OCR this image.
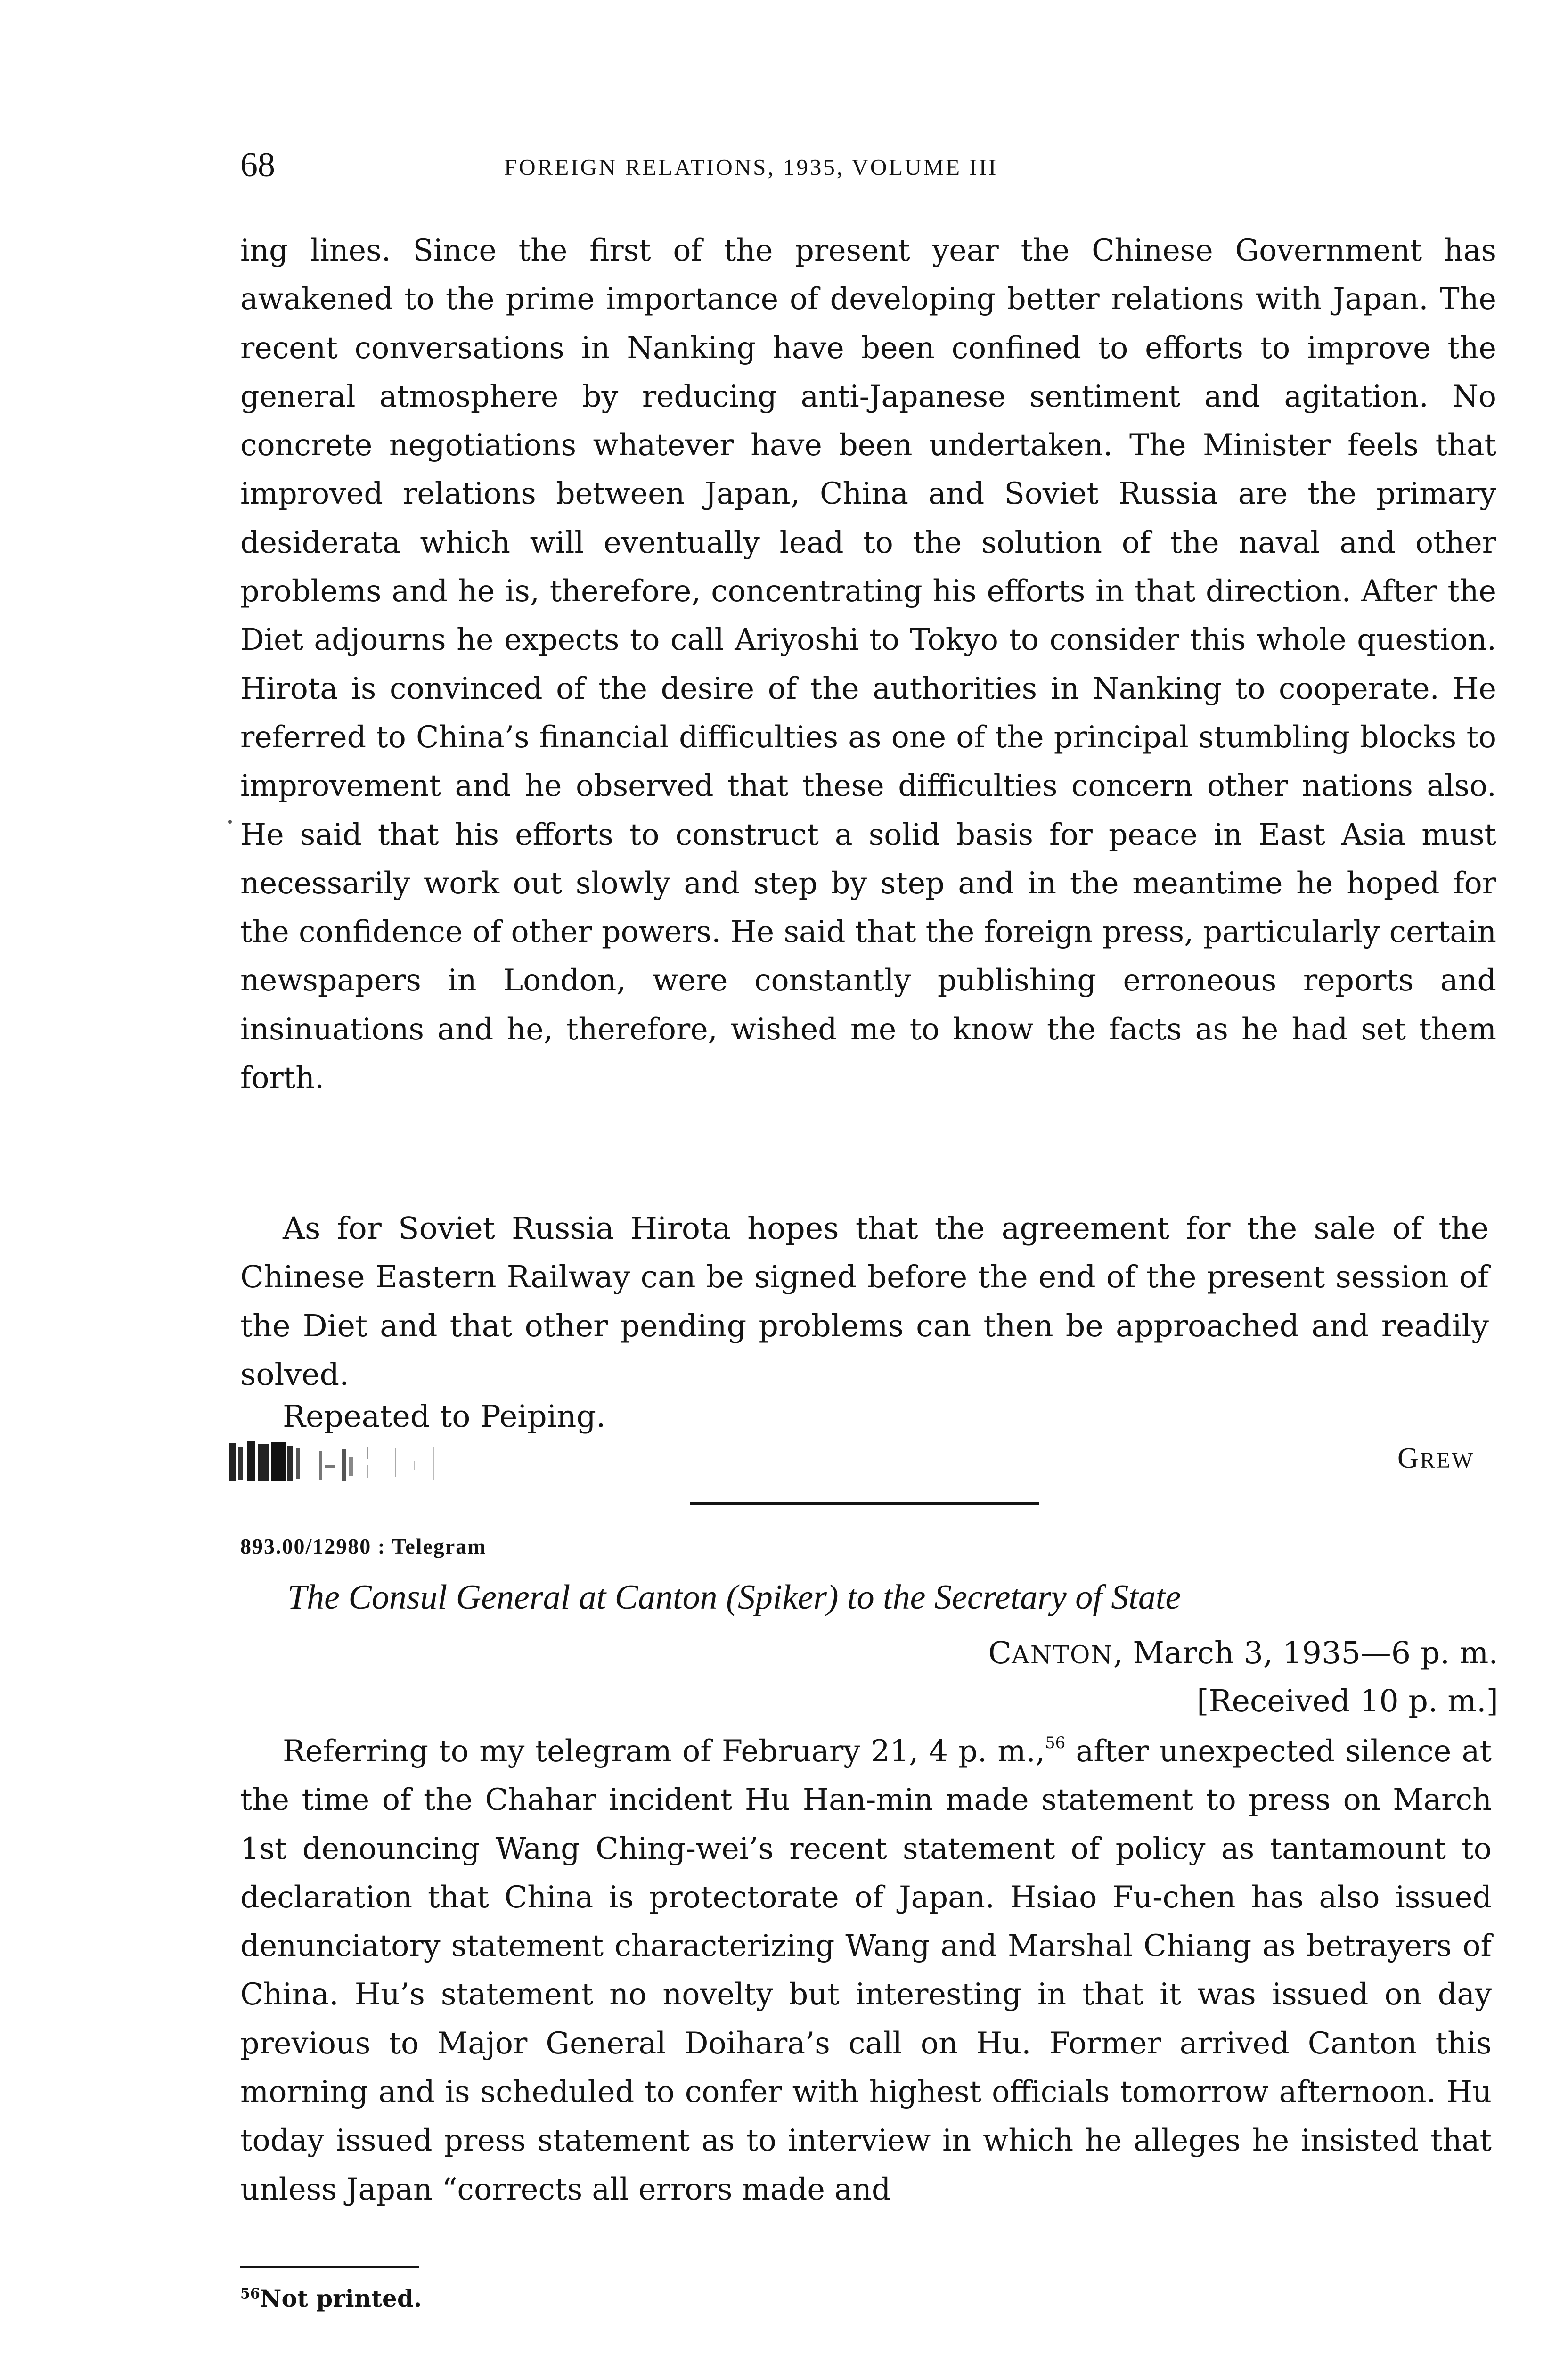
68	FOREIGN RELATIONS, 1935, VOLUME III

ing lines. Since the first of the present year the Chinese Government has awakened to the prime importance of developing better relations with Japan. The recent conversations in Nanking have been confined to efforts to improve the general atmosphere by reducing anti-Japanese sentiment and agitation. No concrete negotiations whatever have been undertaken. The Minister feels that improved relations between Japan, China and Soviet Russia are the primary desiderata which will eventually lead to the solution of the naval and other problems and he is, therefore, concentrating his efforts in that direction. After the Diet adjourns he expects to call Ariyoshi to Tokyo to consider this whole question. Hirota is convinced of the desire of the authorities in Nanking to cooperate. He referred to China’s financial difficulties as one of the principal stumbling blocks to improvement and he observed that these difficulties concern other nations also. He said that his efforts to construct a solid basis for peace in East Asia must necessarily work out slowly and step by step and in the meantime he hoped for the confidence of other powers. He said that the foreign press, particularly certain newspapers in London, were constantly publishing erroneous reports and insinuations and he, therefore, wished me to know the facts as he had set them forth.

As for Soviet Russia Hirota hopes that the agreement for the sale of the Chinese Eastern Railway can be signed before the end of the present session of the Diet and that other pending problems can then be approached and readily solved.

Repeated to Peiping.

GREW
893.00/12980 : Telegram
The Consul General at Canton (Spiker) to the Secretary of State
CANTON, March 3, 1935—6 p. m.
[Received 10 p. m.]

Referring to my telegram of February 21, 4 p. m.,$^{56}$ after unexpected silence at the time of the Chahar incident Hu Han-min made statement to press on March 1st denouncing Wang Ching-wei’s recent statement of policy as tantamount to declaration that China is protectorate of Japan. Hsiao Fu-chen has also issued denunciatory statement characterizing Wang and Marshal Chiang as betrayers of China. Hu’s statement no novelty but interesting in that it was issued on day previous to Major General Doihara’s call on Hu. Former arrived Canton this morning and is scheduled to confer with highest officials tomorrow afternoon. Hu today issued press statement as to interview in which he alleges he insisted that unless Japan “corrects all errors made and

$^{56}$Not printed.
